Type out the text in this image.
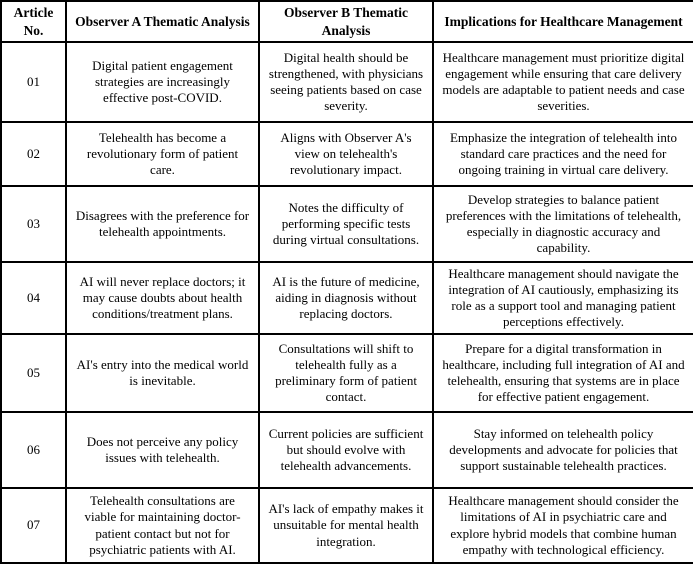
Article No.	Observer A Thematic Analysis	Observer B Thematic Analysis	Implications for Healthcare Management
01	Digital patient engagement strategies are increasingly effective post-COVID.	Digital health should be strengthened, with physicians seeing patients based on case severity.	Healthcare management must prioritize digital engagement while ensuring that care delivery models are adaptable to patient needs and case severities.
02	Telehealth has become a revolutionary form of patient care.	Aligns with Observer A's view on telehealth's revolutionary impact.	Emphasize the integration of telehealth into standard care practices and the need for ongoing training in virtual care delivery.
03	Disagrees with the preference for telehealth appointments.	Notes the difficulty of performing specific tests during virtual consultations.	Develop strategies to balance patient preferences with the limitations of telehealth, especially in diagnostic accuracy and capability.
04	AI will never replace doctors; it may cause doubts about health conditions/treatment plans.	AI is the future of medicine, aiding in diagnosis without replacing doctors.	Healthcare management should navigate the integration of AI cautiously, emphasizing its role as a support tool and managing patient perceptions effectively.
05	AI's entry into the medical world is inevitable.	Consultations will shift to telehealth fully as a preliminary form of patient contact.	Prepare for a digital transformation in healthcare, including full integration of AI and telehealth, ensuring that systems are in place for effective patient engagement.
06	Does not perceive any policy issues with telehealth.	Current policies are sufficient but should evolve with telehealth advancements.	Stay informed on telehealth policy developments and advocate for policies that support sustainable telehealth practices.
07	Telehealth consultations are viable for maintaining doctor-patient contact but not for psychiatric patients with AI.	AI's lack of empathy makes it unsuitable for mental health integration.	Healthcare management should consider the limitations of AI in psychiatric care and explore hybrid models that combine human empathy with technological efficiency.
